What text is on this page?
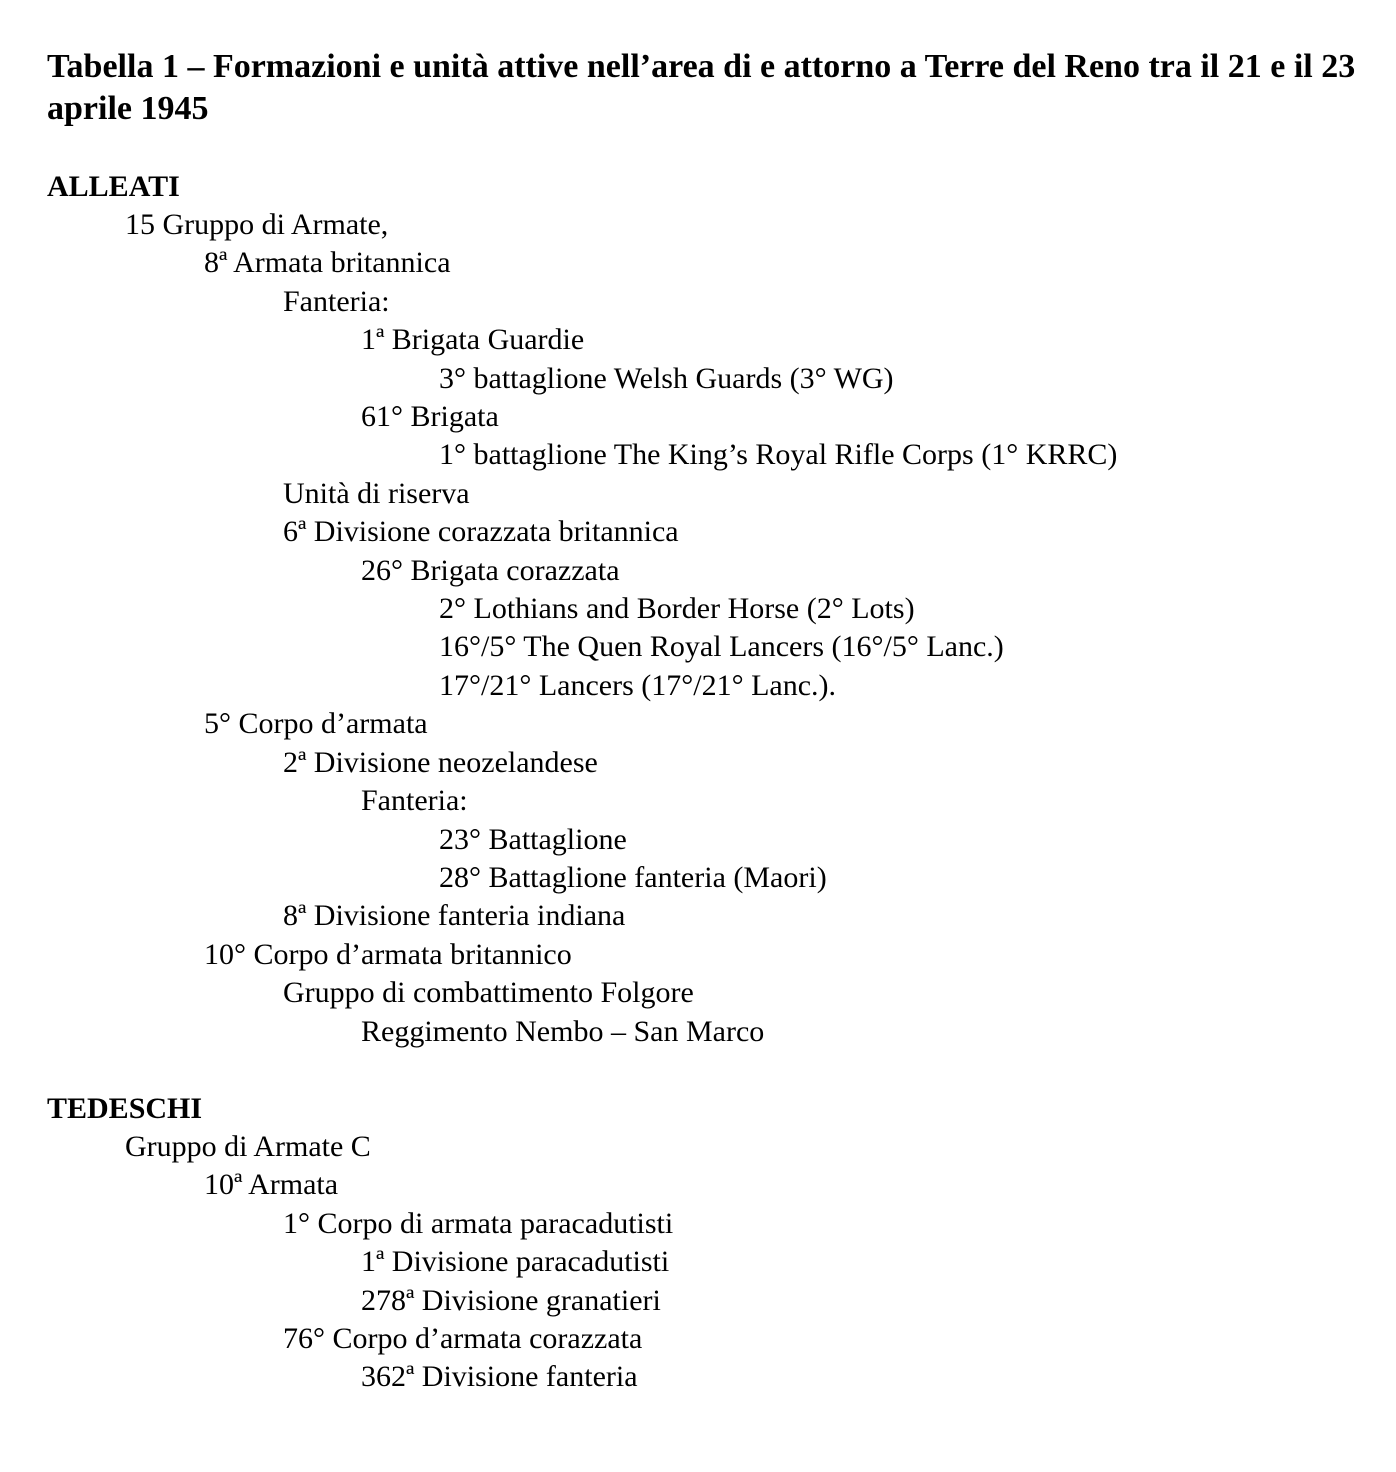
Tabella 1 – Formazioni e unità attive nell’area di e attorno a Terre del Reno tra il 21 e il 23 aprile 1945
ALLEATI
15 Gruppo di Armate,
8ª Armata britannica
Fanteria:
1ª Brigata Guardie
3° battaglione Welsh Guards (3° WG)
61° Brigata
1° battaglione The King’s Royal Rifle Corps (1° KRRC)
Unità di riserva
6ª Divisione corazzata britannica
26° Brigata corazzata
2° Lothians and Border Horse (2° Lots)
16°/5° The Quen Royal Lancers (16°/5° Lanc.)
17°/21° Lancers (17°/21° Lanc.).
5° Corpo d’armata
2ª Divisione neozelandese
Fanteria:
23° Battaglione
28° Battaglione fanteria (Maori)
8ª Divisione fanteria indiana
10° Corpo d’armata britannico
Gruppo di combattimento Folgore
Reggimento Nembo – San Marco
TEDESCHI
Gruppo di Armate C
10ª Armata
1° Corpo di armata paracadutisti
1ª Divisione paracadutisti
278ª Divisione granatieri
76° Corpo d’armata corazzata
362ª Divisione fanteria
